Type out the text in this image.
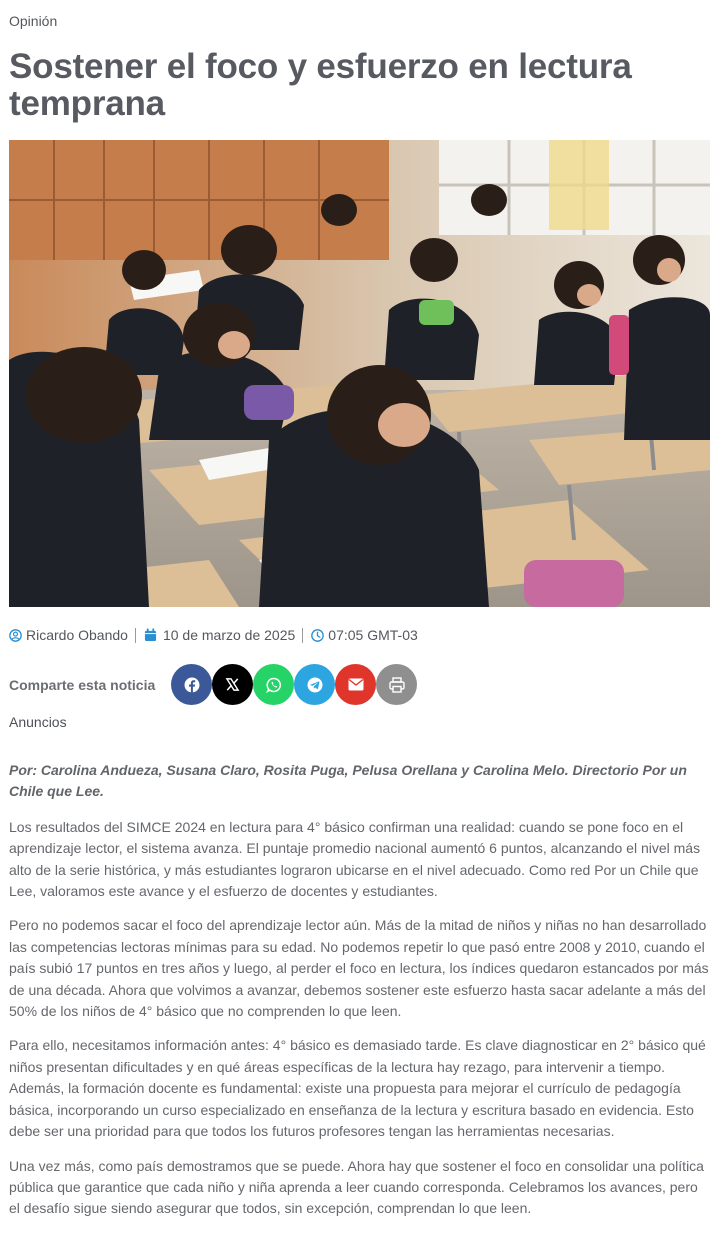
Opinión
Sostener el foco y esfuerzo en lectura temprana
Ricardo Obando	10 de marzo de 2025 07:05 GMT-03
Comparte esta noticia
Anuncios

Por: Carolina Andueza, Susana Claro, Rosita Puga, Pelusa Orellana y Carolina Melo. Directorio Por un Chile que Lee.

Los resultados del SIMCE 2024 en lectura para 4° básico confirman una realidad: cuando se pone foco en el aprendizaje lector, el sistema avanza. El puntaje promedio nacional aumentó 6 puntos, alcanzando el nivel más alto de la serie histórica, y más estudiantes lograron ubicarse en el nivel adecuado. Como red Por un Chile que Lee, valoramos este avance y el esfuerzo de docentes y estudiantes.

Pero no podemos sacar el foco del aprendizaje lector aún. Más de la mitad de niños y niñas no han desarrollado las competencias lectoras mínimas para su edad. No podemos repetir lo que pasó entre 2008 y 2010, cuando el país subió 17 puntos en tres años y luego, al perder el foco en lectura, los índices quedaron estancados por más de una década. Ahora que volvimos a avanzar, debemos sostener este esfuerzo hasta sacar adelante a más del 50% de los niños de 4° básico que no comprenden lo que leen.

Para ello, necesitamos información antes: 4° básico es demasiado tarde. Es clave diagnosticar en 2° básico qué niños presentan dificultades y en qué áreas específicas de la lectura hay rezago, para intervenir a tiempo. Además, la formación docente es fundamental: existe una propuesta para mejorar el currículo de pedagogía básica, incorporando un curso especializado en enseñanza de la lectura y escritura basado en evidencia. Esto debe ser una prioridad para que todos los futuros profesores tengan las herramientas necesarias.

Una vez más, como país demostramos que se puede. Ahora hay que sostener el foco en consolidar una política pública que garantice que cada niño y niña aprenda a leer cuando corresponda. Celebramos los avances, pero el desafío sigue siendo asegurar que todos, sin excepción, comprendan lo que leen.
